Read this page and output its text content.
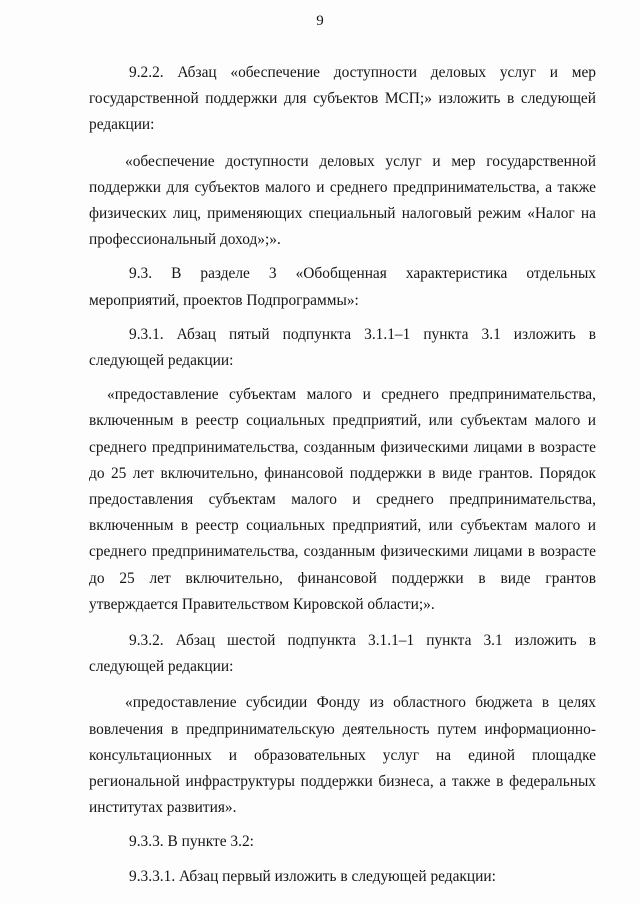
9

9.2.2. Абзац «обеспечение доступности деловых услуг и мер государственной поддержки для субъектов МСП;» изложить в следующей редакции:

«обеспечение доступности деловых услуг и мер государственной поддержки для субъектов малого и среднего предпринимательства, а также физических лиц, применяющих специальный налоговый режим «Налог на профессиональный доход»;».

9.3. В разделе 3 «Обобщенная характеристика отдельных мероприятий, проектов Подпрограммы»:

9.3.1. Абзац пятый подпункта 3.1.1–1 пункта 3.1 изложить в следующей редакции:

«предоставление субъектам малого и среднего предпринимательства, включенным в реестр социальных предприятий, или субъектам малого и среднего предпринимательства, созданным физическими лицами в возрасте до 25 лет включительно, финансовой поддержки в виде грантов. Порядок предоставления субъектам малого и среднего предпринимательства, включенным в реестр социальных предприятий, или субъектам малого и среднего предпринимательства, созданным физическими лицами в возрасте до 25 лет включительно, финансовой поддержки в виде грантов утверждается Правительством Кировской области;».

9.3.2. Абзац шестой подпункта 3.1.1–1 пункта 3.1 изложить в следующей редакции:

«предоставление субсидии Фонду из областного бюджета в целях вовлечения в предпринимательскую деятельность путем информационно-консультационных и образовательных услуг на единой площадке региональной инфраструктуры поддержки бизнеса, а также в федеральных институтах развития».

9.3.3. В пункте 3.2:

9.3.3.1. Абзац первый изложить в следующей редакции:
